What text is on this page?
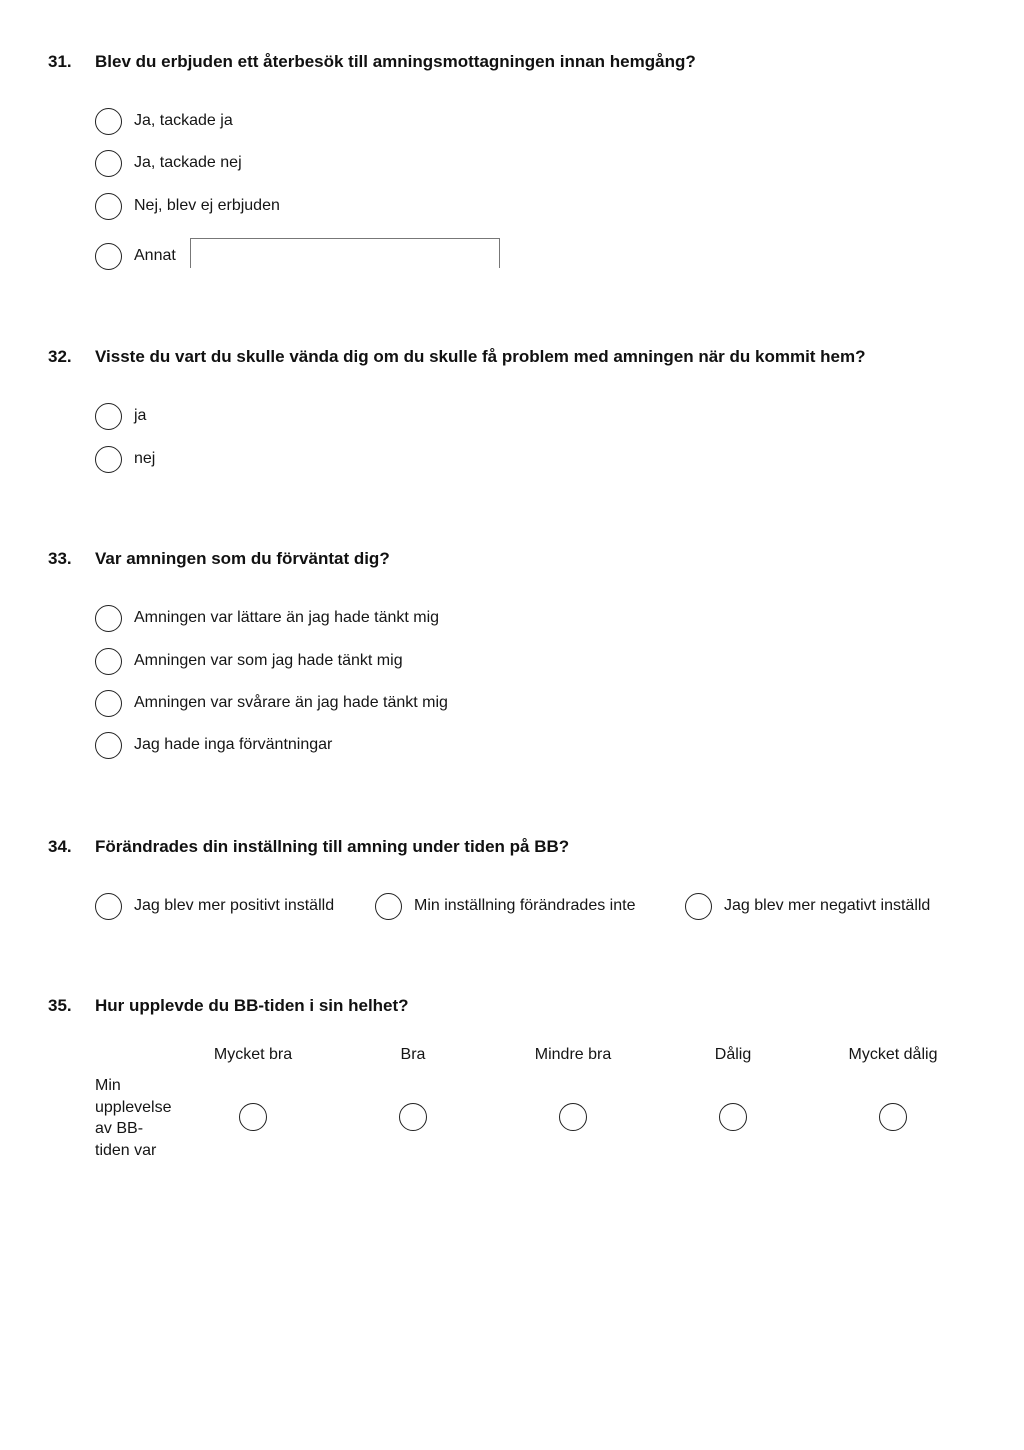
31. Blev du erbjuden ett återbesök till amningsmottagningen innan hemgång?
Ja, tackade ja
Ja, tackade nej
Nej, blev ej erbjuden
Annat
32. Visste du vart du skulle vända dig om du skulle få problem med amningen när du kommit hem?
ja
nej
33. Var amningen som du förväntat dig?
Amningen var lättare än jag hade tänkt mig
Amningen var som jag hade tänkt mig
Amningen var svårare än jag hade tänkt mig
Jag hade inga förväntningar
34. Förändrades din inställning till amning under tiden på BB?
Jag blev mer positivt inställd	Min inställning förändrades inte	Jag blev mer negativt inställd
35. Hur upplevde du BB-tiden i sin helhet?
Mycket bra	Bra	Mindre bra	Dålig	Mycket dålig
Min
upplevelse
av BB-
tiden var
